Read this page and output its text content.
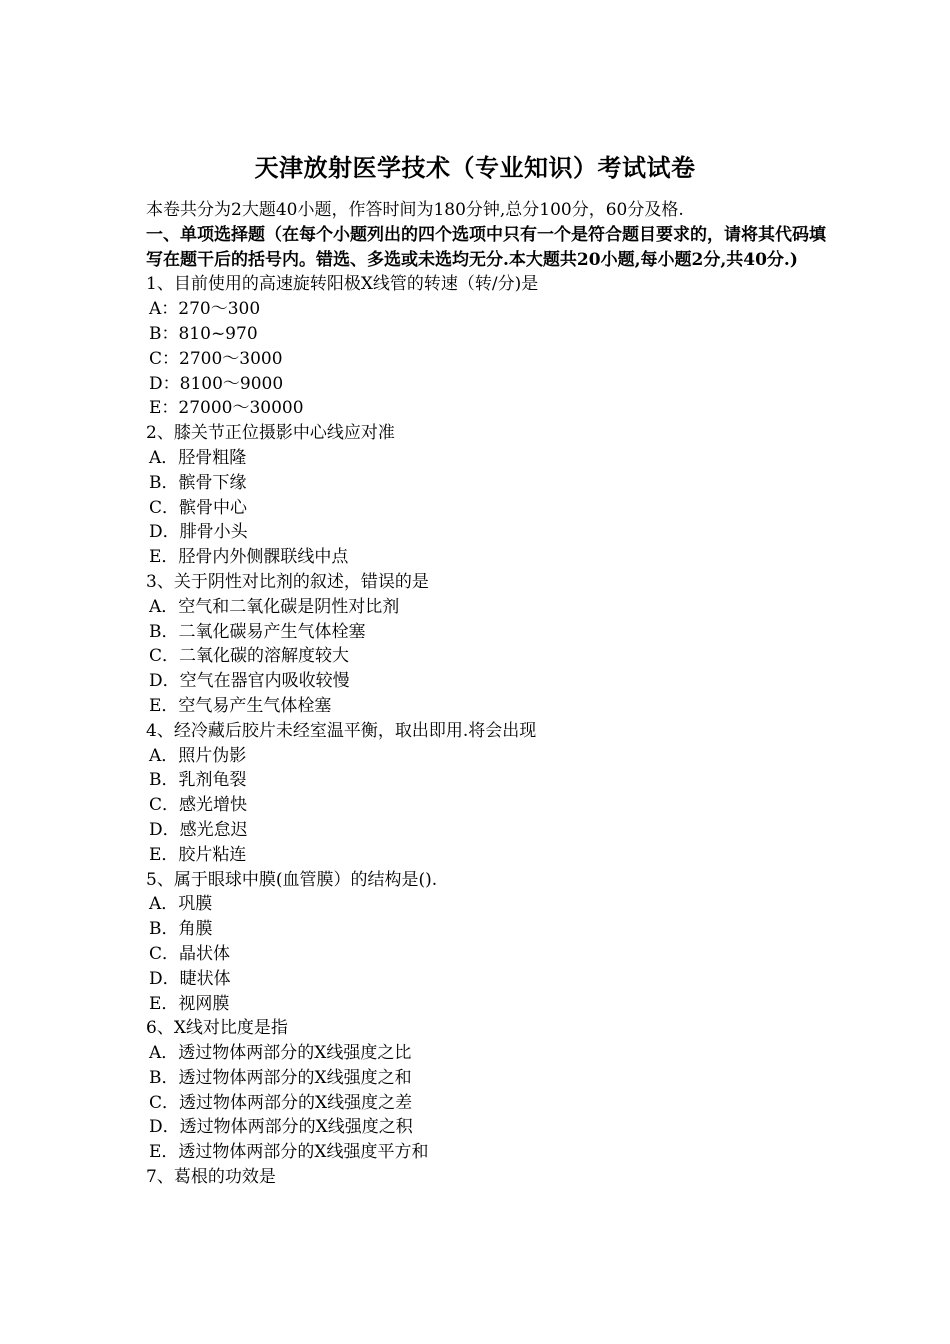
天津放射医学技术（专业知识）考试试卷
本卷共分为2大题40小题，作答时间为180分钟,总分100分，60分及格.
一、单项选择题（在每个小题列出的四个选项中只有一个是符合题目要求的，请将其代码填写在题干后的括号内。错选、多选或未选均无分.本大题共20小题,每小题2分,共40分.)
1、目前使用的高速旋转阳极X线管的转速（转/分)是
A：270～300
B：810~970
C：2700～3000
D：8100～9000
E：27000～30000
2、膝关节正位摄影中心线应对准
A．胫骨粗隆
B．髌骨下缘
C．髌骨中心
D．腓骨小头
E．胫骨内外侧髁联线中点
3、关于阴性对比剂的叙述，错误的是
A．空气和二氧化碳是阴性对比剂
B．二氧化碳易产生气体栓塞
C．二氧化碳的溶解度较大
D．空气在器官内吸收较慢
E．空气易产生气体栓塞
4、经冷藏后胶片未经室温平衡，取出即用.将会出现
A．照片伪影
B．乳剂龟裂
C．感光增快
D．感光怠迟
E．胶片粘连
5、属于眼球中膜(血管膜）的结构是().
A．巩膜
B．角膜
C．晶状体
D．睫状体
E．视网膜
6、X线对比度是指
A．透过物体两部分的X线强度之比
B．透过物体两部分的X线强度之和
C．透过物体两部分的X线强度之差
D．透过物体两部分的X线强度之积
E．透过物体两部分的X线强度平方和
7、葛根的功效是
